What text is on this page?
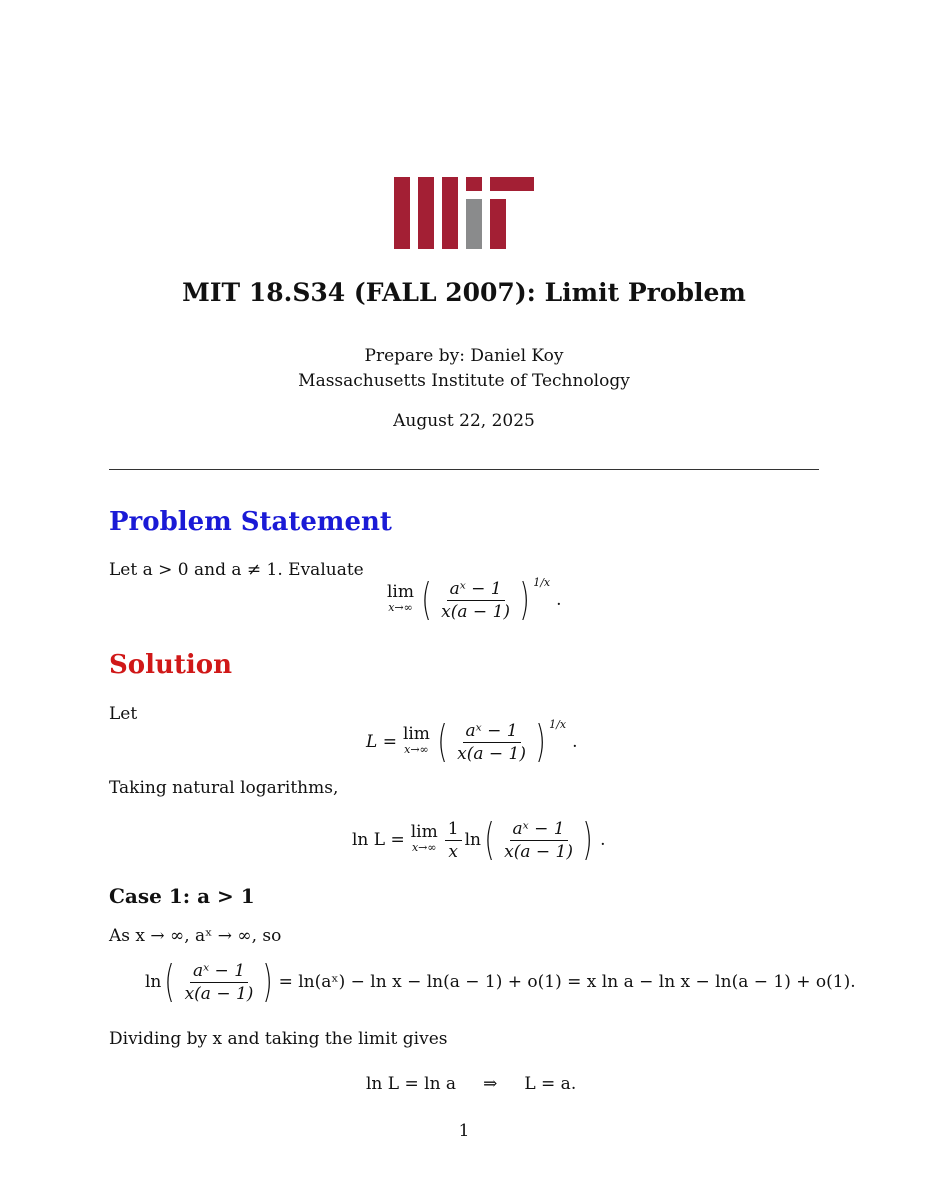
MIT 18.S34 (FALL 2007): Limit Problem
Prepare by: Daniel Koy
Massachusetts Institute of Technology
August 22, 2025
Problem Statement
Let a > 0 and a ≠ 1. Evaluate
lim
x→∞ ( $\frac{\text{aˣ − 1}}{x(a - 1)}$ ) 1/x
.
Solution
Let
L = lim
x→∞ ( $\frac{\text{aˣ − 1}}{x(a - 1)}$ ) 1/x
.
Taking natural logarithms,
ln L = lim
$x\to\infty \frac{1}{x}$ ln ( $\frac{\text{aˣ − 1}}{x(a - 1)}$ ) .
Case 1: a > 1
As x → ∞, aˣ → ∞, so
ln ( $\frac{\text{aˣ − 1}}{x(a - 1)}$ ) = ln(aˣ) − ln x − ln(a − 1) + o(1) = x ln a − ln x − ln(a − 1) + o(1).
Dividing by x and taking the limit gives
ln L = ln a     ⇒     L = a.
1
